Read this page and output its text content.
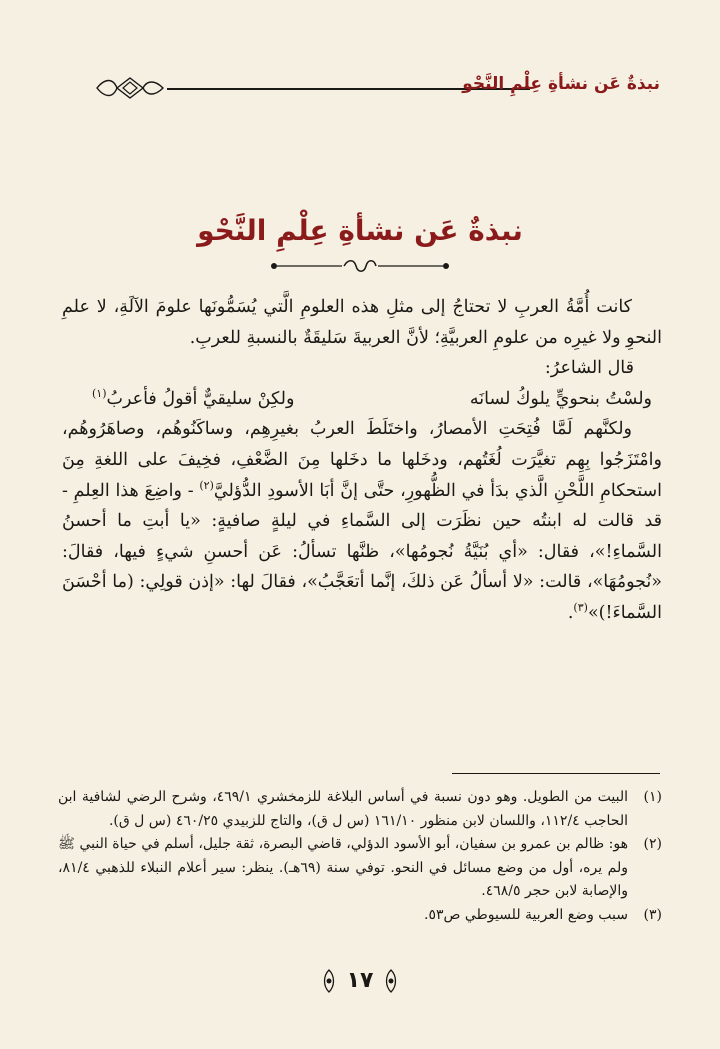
نبذةٌ عَن نشأةِ عِلْمِ النَّحْو
نبذةٌ عَن نشأةِ عِلْمِ النَّحْو

كانت أُمَّةُ العربِ لا تحتاجُ إلى مثلِ هذه العلومِ الَّتي يُسَمُّونَها علومَ الآلَةِ، لا علمِ النحوِ ولا غيرِه من علومِ العربيَّةِ؛ لأنَّ العربيةَ سَليقَةٌ بالنسبةِ للعربِ.

قال الشاعرُ:

ولسْتُ بنحويٍّ يلوكُ لسانَه
ولكِنْ سليقيٌّ أقولُ فأعربُ$^{(١)}$

ولكنَّهم لَمَّا فُتِحَتِ الأمصارُ، واختَلَطَ العربُ بغيرِهِم، وساكَنُوهُم، وصاهَرُوهُم، وامْتَزَجُوا بِهِم تغيَّرَت لُغَتُهم، ودخَلها ما دخَلها مِنَ الضَّعْفِ، فخِيفَ على اللغةِ مِنَ استحكامِ اللَّحْنِ الَّذي بدَأ في الظُّهورِ، حتَّى إنَّ أبَا الأسودِ الدُّؤليَّ$^{(٢)}$ - واضِعَ هذا العِلمِ - قد قالت له ابنتُه حين نظَرَت إلى السَّماءِ في ليلةٍ صافيةٍ: «يا أبتِ ما أحسنُ السَّماءِ!»، فقال: «أي بُنَيَّةُ نُجومُها»، ظنَّها تسألُ: عَن أحسنِ شيءٍ فيها، فقالَ: «نُجومُهَا»، قالت: «لا أسألُ عَن ذلكَ، إنَّما أتعَجَّبُ»، فقالَ لها: «إذن قولِي: (ما أحْسَنَ السَّماءَ!)»$^{(٣)}$.

(١)
البيت من الطويل. وهو دون نسبة في أساس البلاغة للزمخشري ٤٦٩/١، وشرح الرضي لشافية ابن الحاجب ١١٢/٤، واللسان لابن منظور ١٦١/١٠ (س ل ق)، والتاج للزبيدي ٤٦٠/٢٥ (س ل ق).
(٢)
هو: ظالم بن عمرو بن سفيان، أبو الأسود الدؤلي، قاضي البصرة، ثقة جليل، أسلم في حياة النبي ﷺ ولم يره، أول من وضع مسائل في النحو. توفي سنة (٦٩هـ). ينظر: سير أعلام النبلاء للذهبي ٨١/٤، والإصابة لابن حجر ٤٦٨/٥.
(٣)
سبب وضع العربية للسيوطي ص٥٣.
١٧
